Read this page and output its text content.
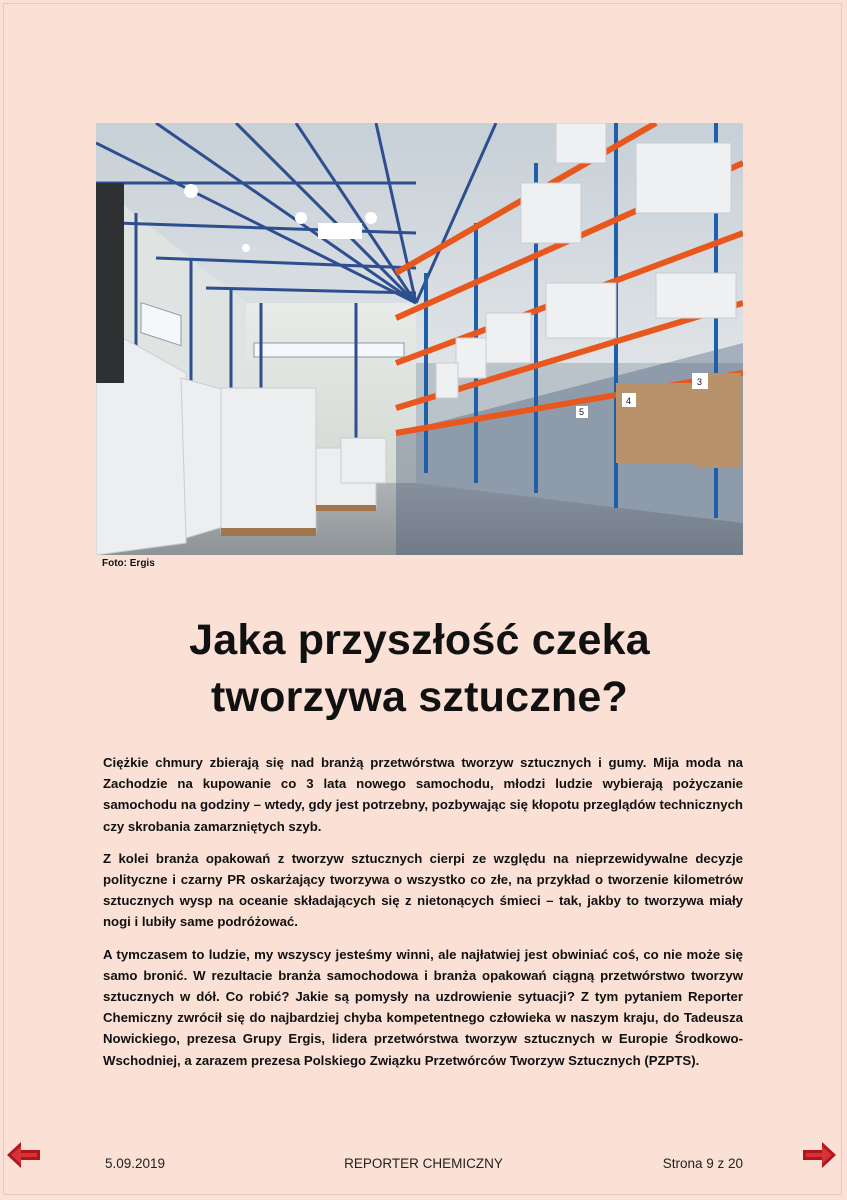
3
4
5
Foto: Ergis
Jaka przyszłość czeka
tworzywa sztuczne?

Ciężkie chmury zbierają się nad branżą przetwórstwa tworzyw sztucznych i gumy. Mija moda na Zachodzie na kupowanie co 3 lata nowego samochodu, młodzi ludzie wybierają pożyczanie samochodu na godziny – wtedy, gdy jest potrzebny, pozbywając się kłopotu przeglądów technicznych czy skrobania zamarzniętych szyb.

Z kolei branża opakowań z tworzyw sztucznych cierpi ze względu na nieprzewidywalne decyzje polityczne i czarny PR oskarżający tworzywa o wszystko co złe, na przykład o tworzenie kilometrów sztucznych wysp na oceanie składających się z nietonących śmieci – tak, jakby to tworzywa miały nogi i lubiły same podróżować.

A tymczasem to ludzie, my wszyscy jesteśmy winni, ale najłatwiej jest obwiniać coś, co nie może się samo bronić. W rezultacie branża samochodowa i branża opakowań ciągną przetwórstwo tworzyw sztucznych w dół. Co robić? Jakie są pomysły na uzdrowienie sytuacji? Z tym pytaniem Reporter Chemiczny zwrócił się do najbardziej chyba kompetentnego człowieka w naszym kraju, do Tadeusza Nowickiego, prezesa Grupy Ergis, lidera przetwórstwa tworzyw sztucznych w Europie Środkowo-Wschodniej, a zarazem prezesa Polskiego Związku Przetwórców Tworzyw Sztucznych (PZPTS).

5.09.2019	REPORTER CHEMICZNY	Strona 9 z 20
